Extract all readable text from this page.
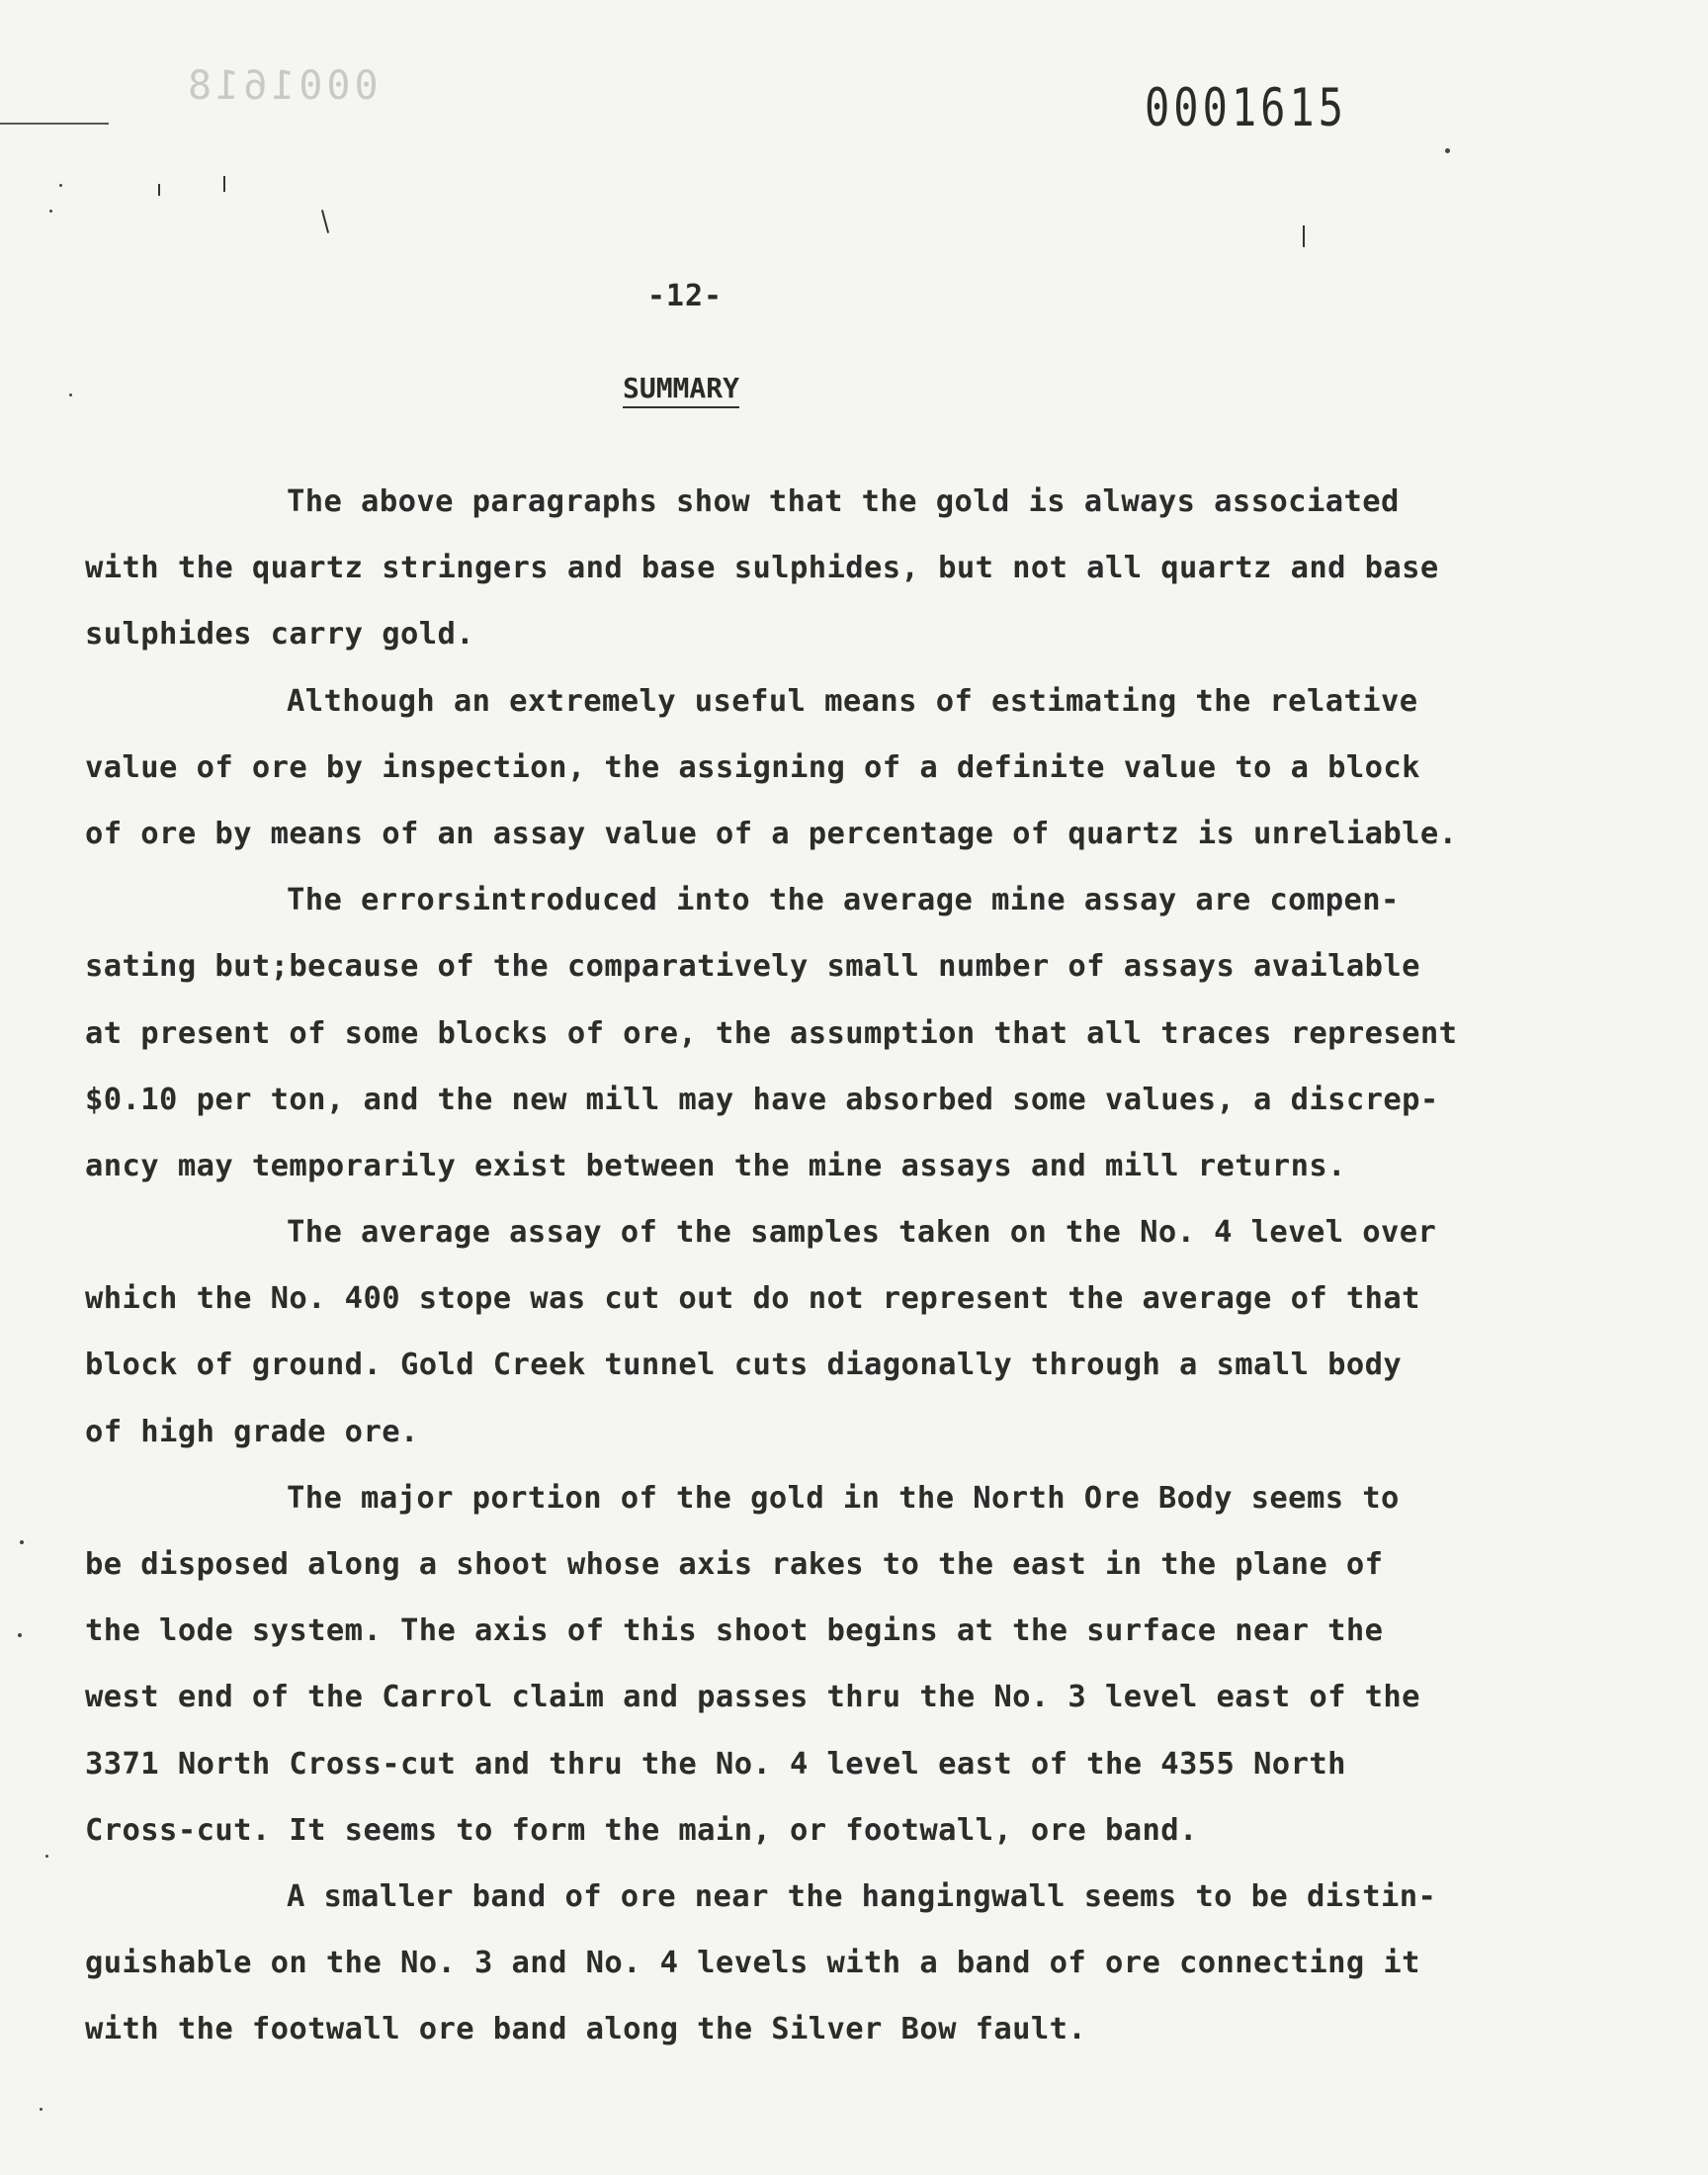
0001618	0001615
-12-
SUMMARY
The above paragraphs show that the gold is always associated
with the quartz stringers and base sulphides, but not all quartz and base
sulphides carry gold.
Although an extremely useful means of estimating the relative
value of ore by inspection, the assigning of a definite value to a block
of ore by means of an assay value of a percentage of quartz is unreliable.
The errorsintroduced into the average mine assay are compen-
sating but;because of the comparatively small number of assays available
at present of some blocks of ore, the assumption that all traces represent
$0.10 per ton, and the new mill may have absorbed some values, a discrep-
ancy may temporarily exist between the mine assays and mill returns.
The average assay of the samples taken on the No. 4 level over
which the No. 400 stope was cut out do not represent the average of that
block of ground. Gold Creek tunnel cuts diagonally through a small body
of high grade ore.
The major portion of the gold in the North Ore Body seems to
be disposed along a shoot whose axis rakes to the east in the plane of
the lode system. The axis of this shoot begins at the surface near the
west end of the Carrol claim and passes thru the No. 3 level east of the
3371 North Cross-cut and thru the No. 4 level east of the 4355 North
Cross-cut. It seems to form the main, or footwall, ore band.
A smaller band of ore near the hangingwall seems to be distin-
guishable on the No. 3 and No. 4 levels with a band of ore connecting it
with the footwall ore band along the Silver Bow fault.
